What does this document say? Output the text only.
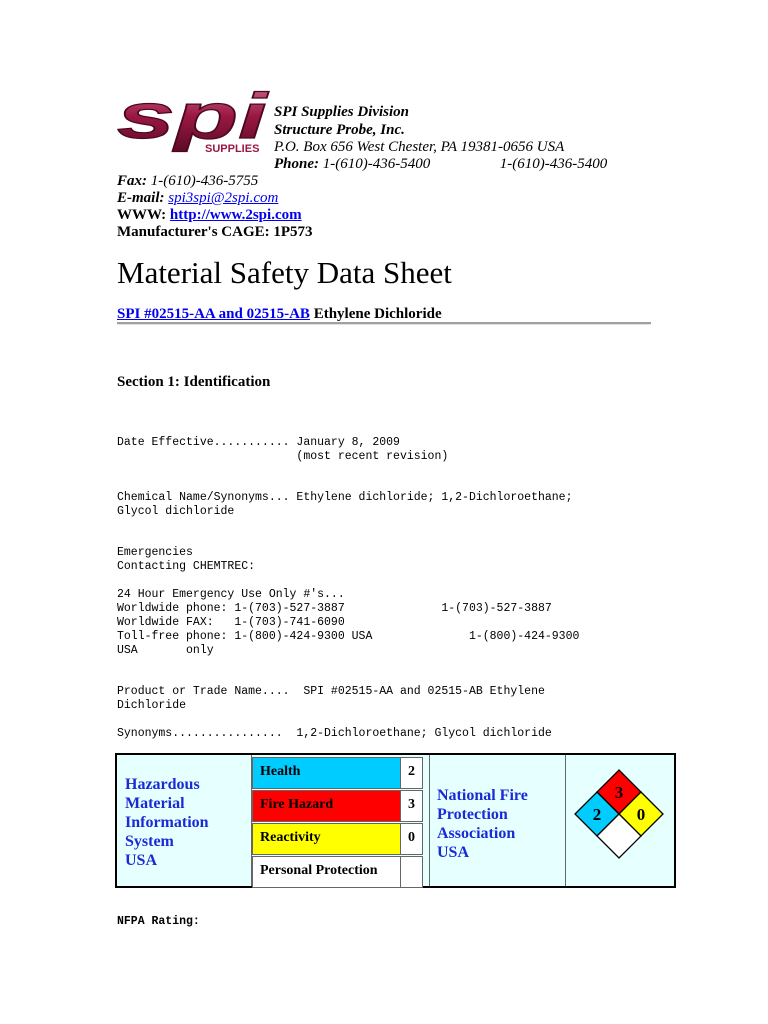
spi
SUPPLIES
SPI Supplies Division
Structure Probe, Inc.
P.O. Box 656 West Chester, PA 19381-0656 USA
Phone: 1-(610)-436-5400	1-(610)-436-5400
Fax: 1-(610)-436-5755
E-mail: spi3spi@2spi.com
WWW: http://www.2spi.com
Manufacturer's CAGE: 1P573
Material Safety Data Sheet
SPI #02515-AA and 02515-AB Ethylene Dichloride
Section 1: Identification
Date Effective........... January 8, 2009
(most recent revision)
Chemical Name/Synonyms... Ethylene dichloride; 1,2-Dichloroethane;
Glycol dichloride
Emergencies
Contacting CHEMTREC:

24 Hour Emergency Use Only #'s...
Worldwide phone: 1-(703)-527-3887              1-(703)-527-3887
Worldwide FAX:   1-(703)-741-6090
Toll-free phone: 1-(800)-424-9300 USA              1-(800)-424-9300
USA       only
Product or Trade Name....  SPI #02515-AA and 02515-AB Ethylene
Dichloride
Synonyms................  1,2-Dichloroethane; Glycol dichloride
Hazardous
Material
Information
System
USA
Health	2
Fire Hazard	3
Reactivity	0
Personal Protection
National Fire
Protection
Association
USA
3
2 0
NFPA Rating:
